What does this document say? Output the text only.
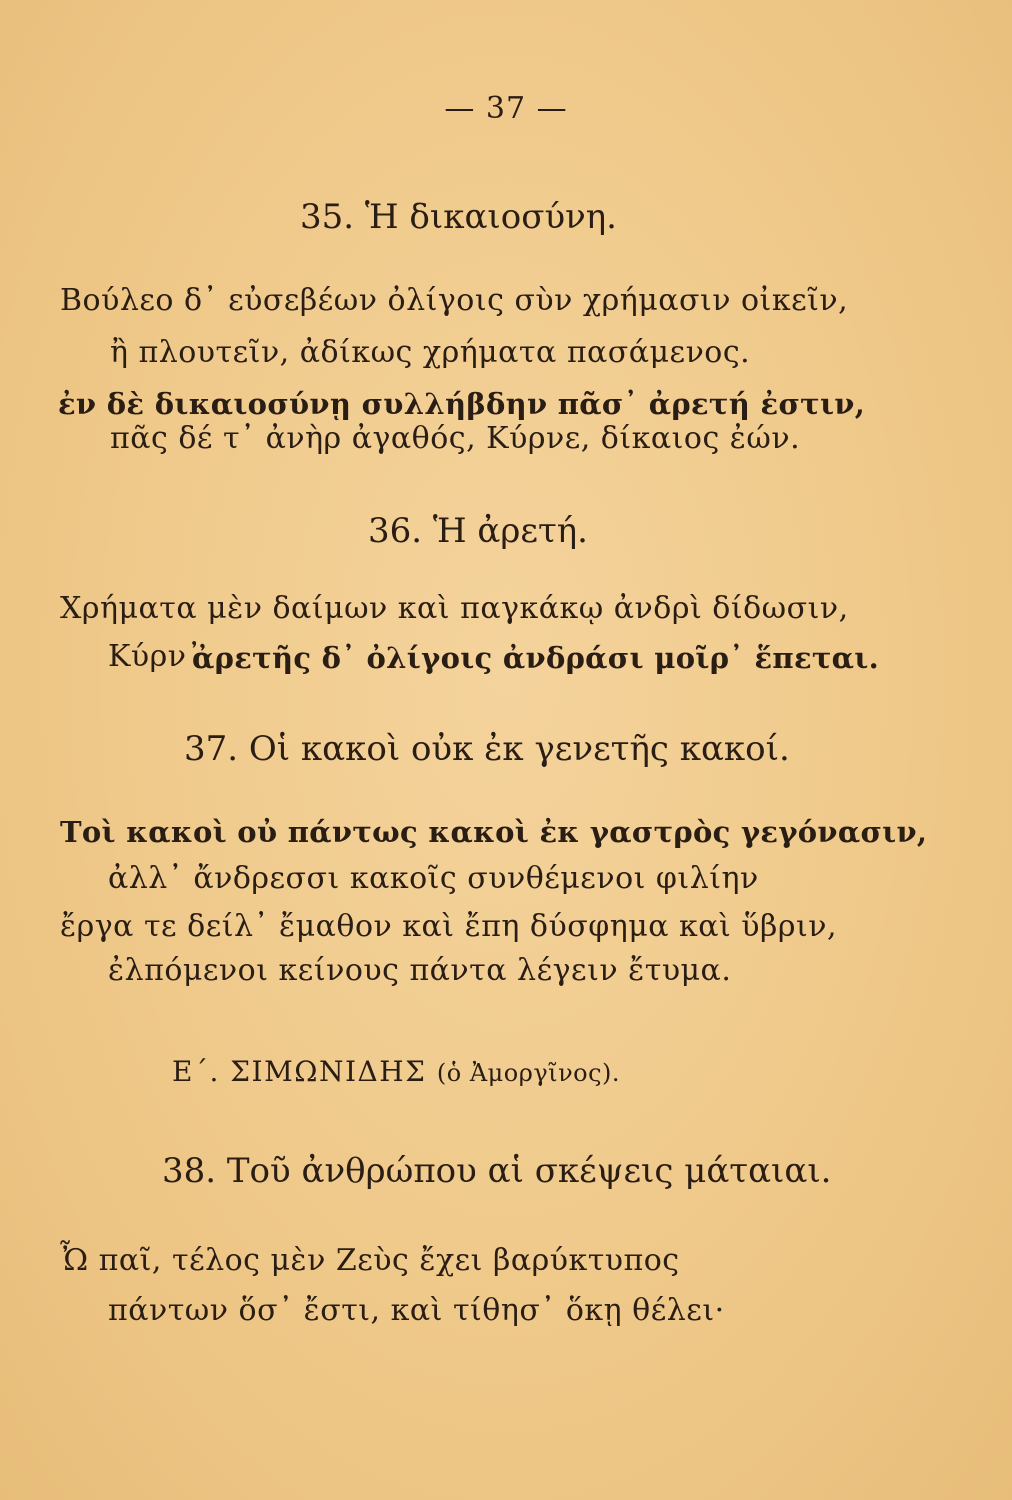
— 37 —
35. Ἡ δικαιοσύνη.
Βούλεο δ᾽ εὐσεβέων ὀλίγοις σὺν χρήμασιν οἰκεῖν,
ἢ πλουτεῖν, ἀδίκως χρήματα πασάμενος.
ἐν δὲ δικαιοσύνῃ συλλήβδην πᾶσ᾽ ἀρετή ἐστιν,
πᾶς δέ τ᾽ ἀνὴρ ἀγαθός, Κύρνε, δίκαιος ἐών.
36. Ἡ ἀρετή.
Χρήματα μὲν δαίμων καὶ παγκάκῳ ἀνδρὶ δίδωσιν,
Κύρν᾽
ἀρετῆς δ᾽ ὀλίγοις ἀνδράσι μοῖρ᾽ ἕπεται.
37. Οἱ κακοὶ οὐκ ἐκ γενετῆς κακοί.
Τοὶ κακοὶ οὐ πάντως κακοὶ ἐκ γαστρὸς γεγόνασιν,
ἀλλ᾽ ἄνδρεσσι κακοῖς συνθέμενοι φιλίην
ἔργα τε δείλ᾽ ἔμαθον καὶ ἔπη δύσφημα καὶ ὕβριν,
ἐλπόμενοι κείνους πάντα λέγειν ἔτυμα.
Ε΄. ΣΙΜΩΝΙΔΗΣ (ὁ Ἀμοργῖνος).
38. Τοῦ ἀνθρώπου αἱ σκέψεις μάταιαι.
Ὦ παῖ, τέλος μὲν Ζεὺς ἔχει βαρύκτυπος
πάντων ὅσ᾽ ἔστι, καὶ τίθησ᾽ ὅκῃ θέλει·
